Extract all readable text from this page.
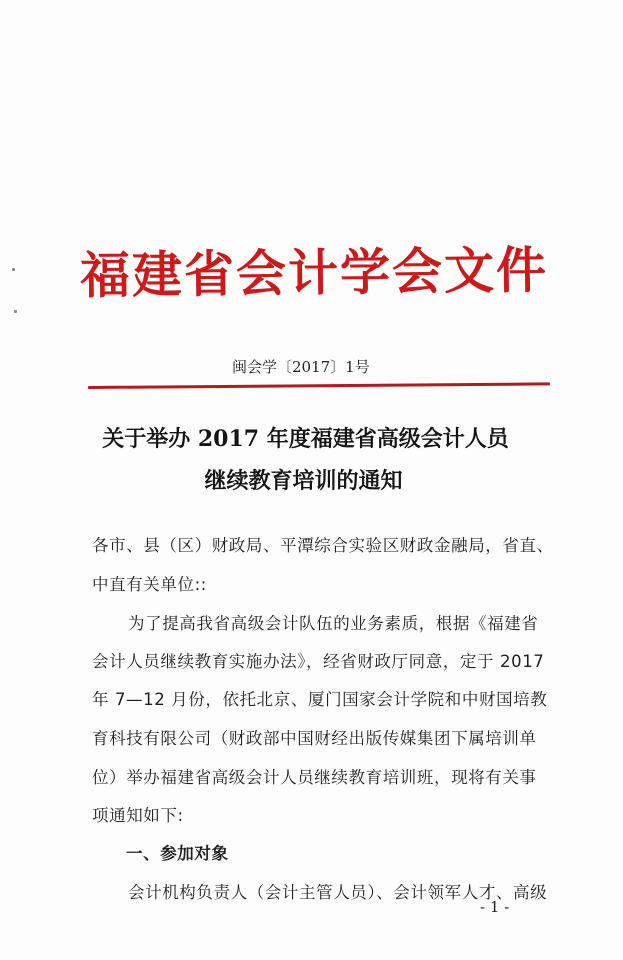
福建省会计学会文件
闽会学〔2017〕1号
关于举办 2017 年度福建省高级会计人员
继续教育培训的通知
各市、县（区）财政局、平潭综合实验区财政金融局，省直、
中直有关单位::
为了提高我省高级会计队伍的业务素质，根据《福建省
会计人员继续教育实施办法》，经省财政厅同意，定于 2017
年 7—12 月份，依托北京、厦门国家会计学院和中财国培教
育科技有限公司（财政部中国财经出版传媒集团下属培训单
位）举办福建省高级会计人员继续教育培训班，现将有关事
项通知如下:
一、参加对象
会计机构负责人（会计主管人员）、会计领军人才、高级
- 1 -
